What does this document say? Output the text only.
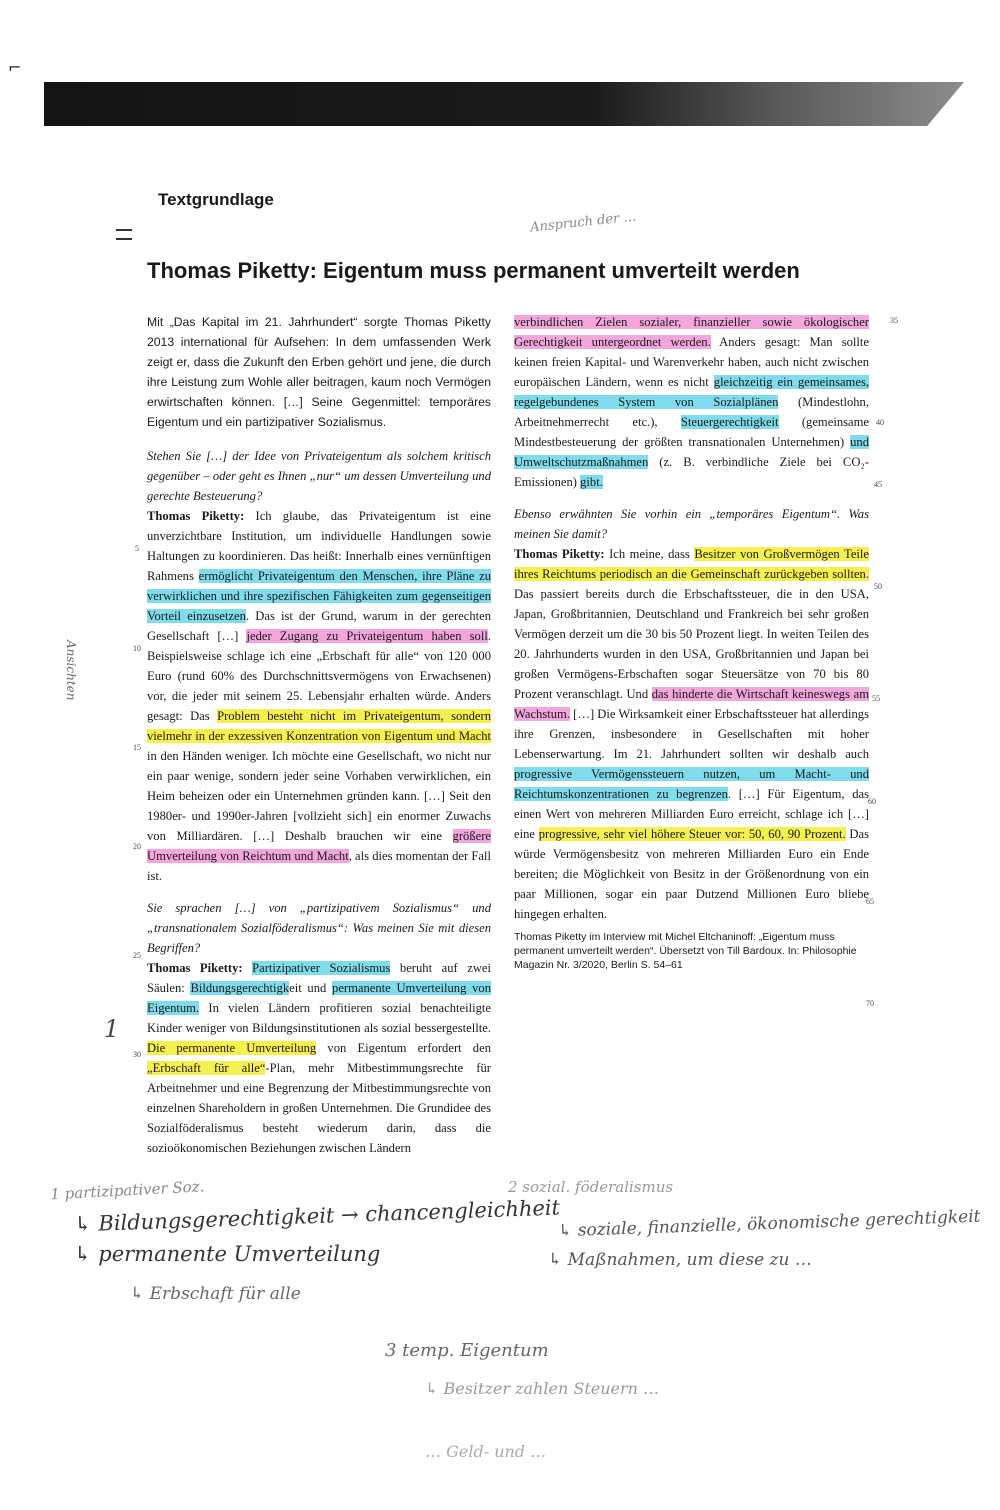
⌐
Textgrundlage
Anspruch der …
Ansichten
1
Thomas Piketty: Eigentum muss permanent umverteilt werden

Mit „Das Kapital im 21. Jahrhundert“ sorgte Thomas Piketty 2013 international für Aufsehen: In dem umfassenden Werk zeigt er, dass die Zukunft den Erben gehört und jene, die durch ihre Leistung zum Wohle aller beitragen, kaum noch Vermögen erwirtschaften können. […] Seine Gegenmittel: temporäres Eigentum und ein partizipativer Sozialismus.

Stehen Sie […] der Idee von Privateigentum als solchem kritisch gegenüber – oder geht es Ihnen „nur“ um dessen Umverteilung und gerechte Besteuerung?

Thomas Piketty: Ich glaube, das Privateigentum ist eine unverzichtbare Institution, um individuelle Handlungen sowie Haltungen zu koordinieren. Das heißt: Innerhalb eines vernünftigen Rahmens ermöglicht Privateigentum den Menschen, ihre Pläne zu verwirklichen und ihre spezifischen Fähigkeiten zum gegenseitigen Vorteil einzusetzen. Das ist der Grund, warum in der gerechten Gesellschaft […] jeder Zugang zu Privateigentum haben soll. Beispielsweise schlage ich eine „Erbschaft für alle“ von 120 000 Euro (rund 60% des Durchschnittsvermögens von Erwachsenen) vor, die jeder mit seinem 25. Lebensjahr erhalten würde. Anders gesagt: Das Problem besteht nicht im Privateigentum, sondern vielmehr in der exzessiven Konzentration von Eigentum und Macht in den Händen weniger. Ich möchte eine Gesellschaft, wo nicht nur ein paar wenige, sondern jeder seine Vorhaben verwirklichen, ein Heim beheizen oder ein Unternehmen gründen kann. […] Seit den 1980er- und 1990er-Jahren [vollzieht sich] ein enormer Zuwachs von Milliardären. […] Deshalb brauchen wir eine größere Umverteilung von Reichtum und Macht, als dies momentan der Fall ist.

Sie sprachen […] von „partizipativem Sozialismus“ und „transnationalem Sozialföderalismus“: Was meinen Sie mit diesen Begriffen?

Thomas Piketty: Partizipativer Sozialismus beruht auf zwei Säulen: Bildungsgerechtigkeit und permanente Umverteilung von Eigentum. In vielen Ländern profitieren sozial benachteiligte Kinder weniger von Bildungsinstitutionen als sozial bessergestellte. Die permanente Umverteilung von Eigentum erfordert den „Erbschaft für alle“-Plan, mehr Mitbestimmungsrechte für Arbeitnehmer und eine Begrenzung der Mitbestimmungsrechte von einzelnen Shareholdern in großen Unternehmen. Die Grundidee des Sozialföderalismus besteht wiederum darin, dass die sozioökonomischen Beziehungen zwischen Ländern

verbindlichen Zielen sozialer, finanzieller sowie ökologischer Gerechtigkeit untergeordnet werden. Anders gesagt: Man sollte keinen freien Kapital- und Warenverkehr haben, auch nicht zwischen europäischen Ländern, wenn es nicht gleichzeitig ein gemeinsames, regelgebundenes System von Sozialplänen (Mindestlohn, Arbeitnehmerrecht etc.), Steuergerechtigkeit (gemeinsame Mindestbesteuerung der größten transnationalen Unternehmen) und Umweltschutzmaßnahmen (z. B. verbindliche Ziele bei CO₂-Emissionen) gibt.

Ebenso erwähnten Sie vorhin ein „temporäres Eigentum“. Was meinen Sie damit?

Thomas Piketty: Ich meine, dass Besitzer von Großvermögen Teile ihres Reichtums periodisch an die Gemeinschaft zurückgeben sollten. Das passiert bereits durch die Erbschaftssteuer, die in den USA, Japan, Großbritannien, Deutschland und Frankreich bei sehr großen Vermögen derzeit um die 30 bis 50 Prozent liegt. In weiten Teilen des 20. Jahrhunderts wurden in den USA, Großbritannien und Japan bei großen Vermögens-Erbschaften sogar Steuersätze von 70 bis 80 Prozent veranschlagt. Und das hinderte die Wirtschaft keineswegs am Wachstum. […] Die Wirksamkeit einer Erbschaftssteuer hat allerdings ihre Grenzen, insbesondere in Gesellschaften mit hoher Lebenserwartung. Im 21. Jahrhundert sollten wir deshalb auch progressive Vermögenssteuern nutzen, um Macht- und Reichtumskonzentrationen zu begrenzen. […] Für Eigentum, das einen Wert von mehreren Milliarden Euro erreicht, schlage ich […] eine progressive, sehr viel höhere Steuer vor: 50, 60, 90 Prozent. Das würde Vermögensbesitz von mehreren Milliarden Euro ein Ende bereiten; die Möglichkeit von Besitz in der Größenordnung von ein paar Millionen, sogar ein paar Dutzend Millionen Euro bliebe hingegen erhalten.

Thomas Piketty im Interview mit Michel Eltchaninoff: „Eigentum muss permanent umverteilt werden“. Übersetzt von Till Bardoux. In: Philosophie Magazin Nr. 3/2020, Berlin S. 54–61

5
10
15
20
25
30
35
40
45
50
55
60
65
70
1 partizipativer Soz.
↳ Bildungsgerechtigkeit → chancengleichheit
↳ permanente Umverteilung
↳ Erbschaft für alle
2 sozial. föderalismus
↳ soziale, finanzielle, ökonomische gerechtigkeit
↳ Maßnahmen, um diese zu …
3 temp. Eigentum
↳ Besitzer zahlen Steuern …
… Geld- und …
